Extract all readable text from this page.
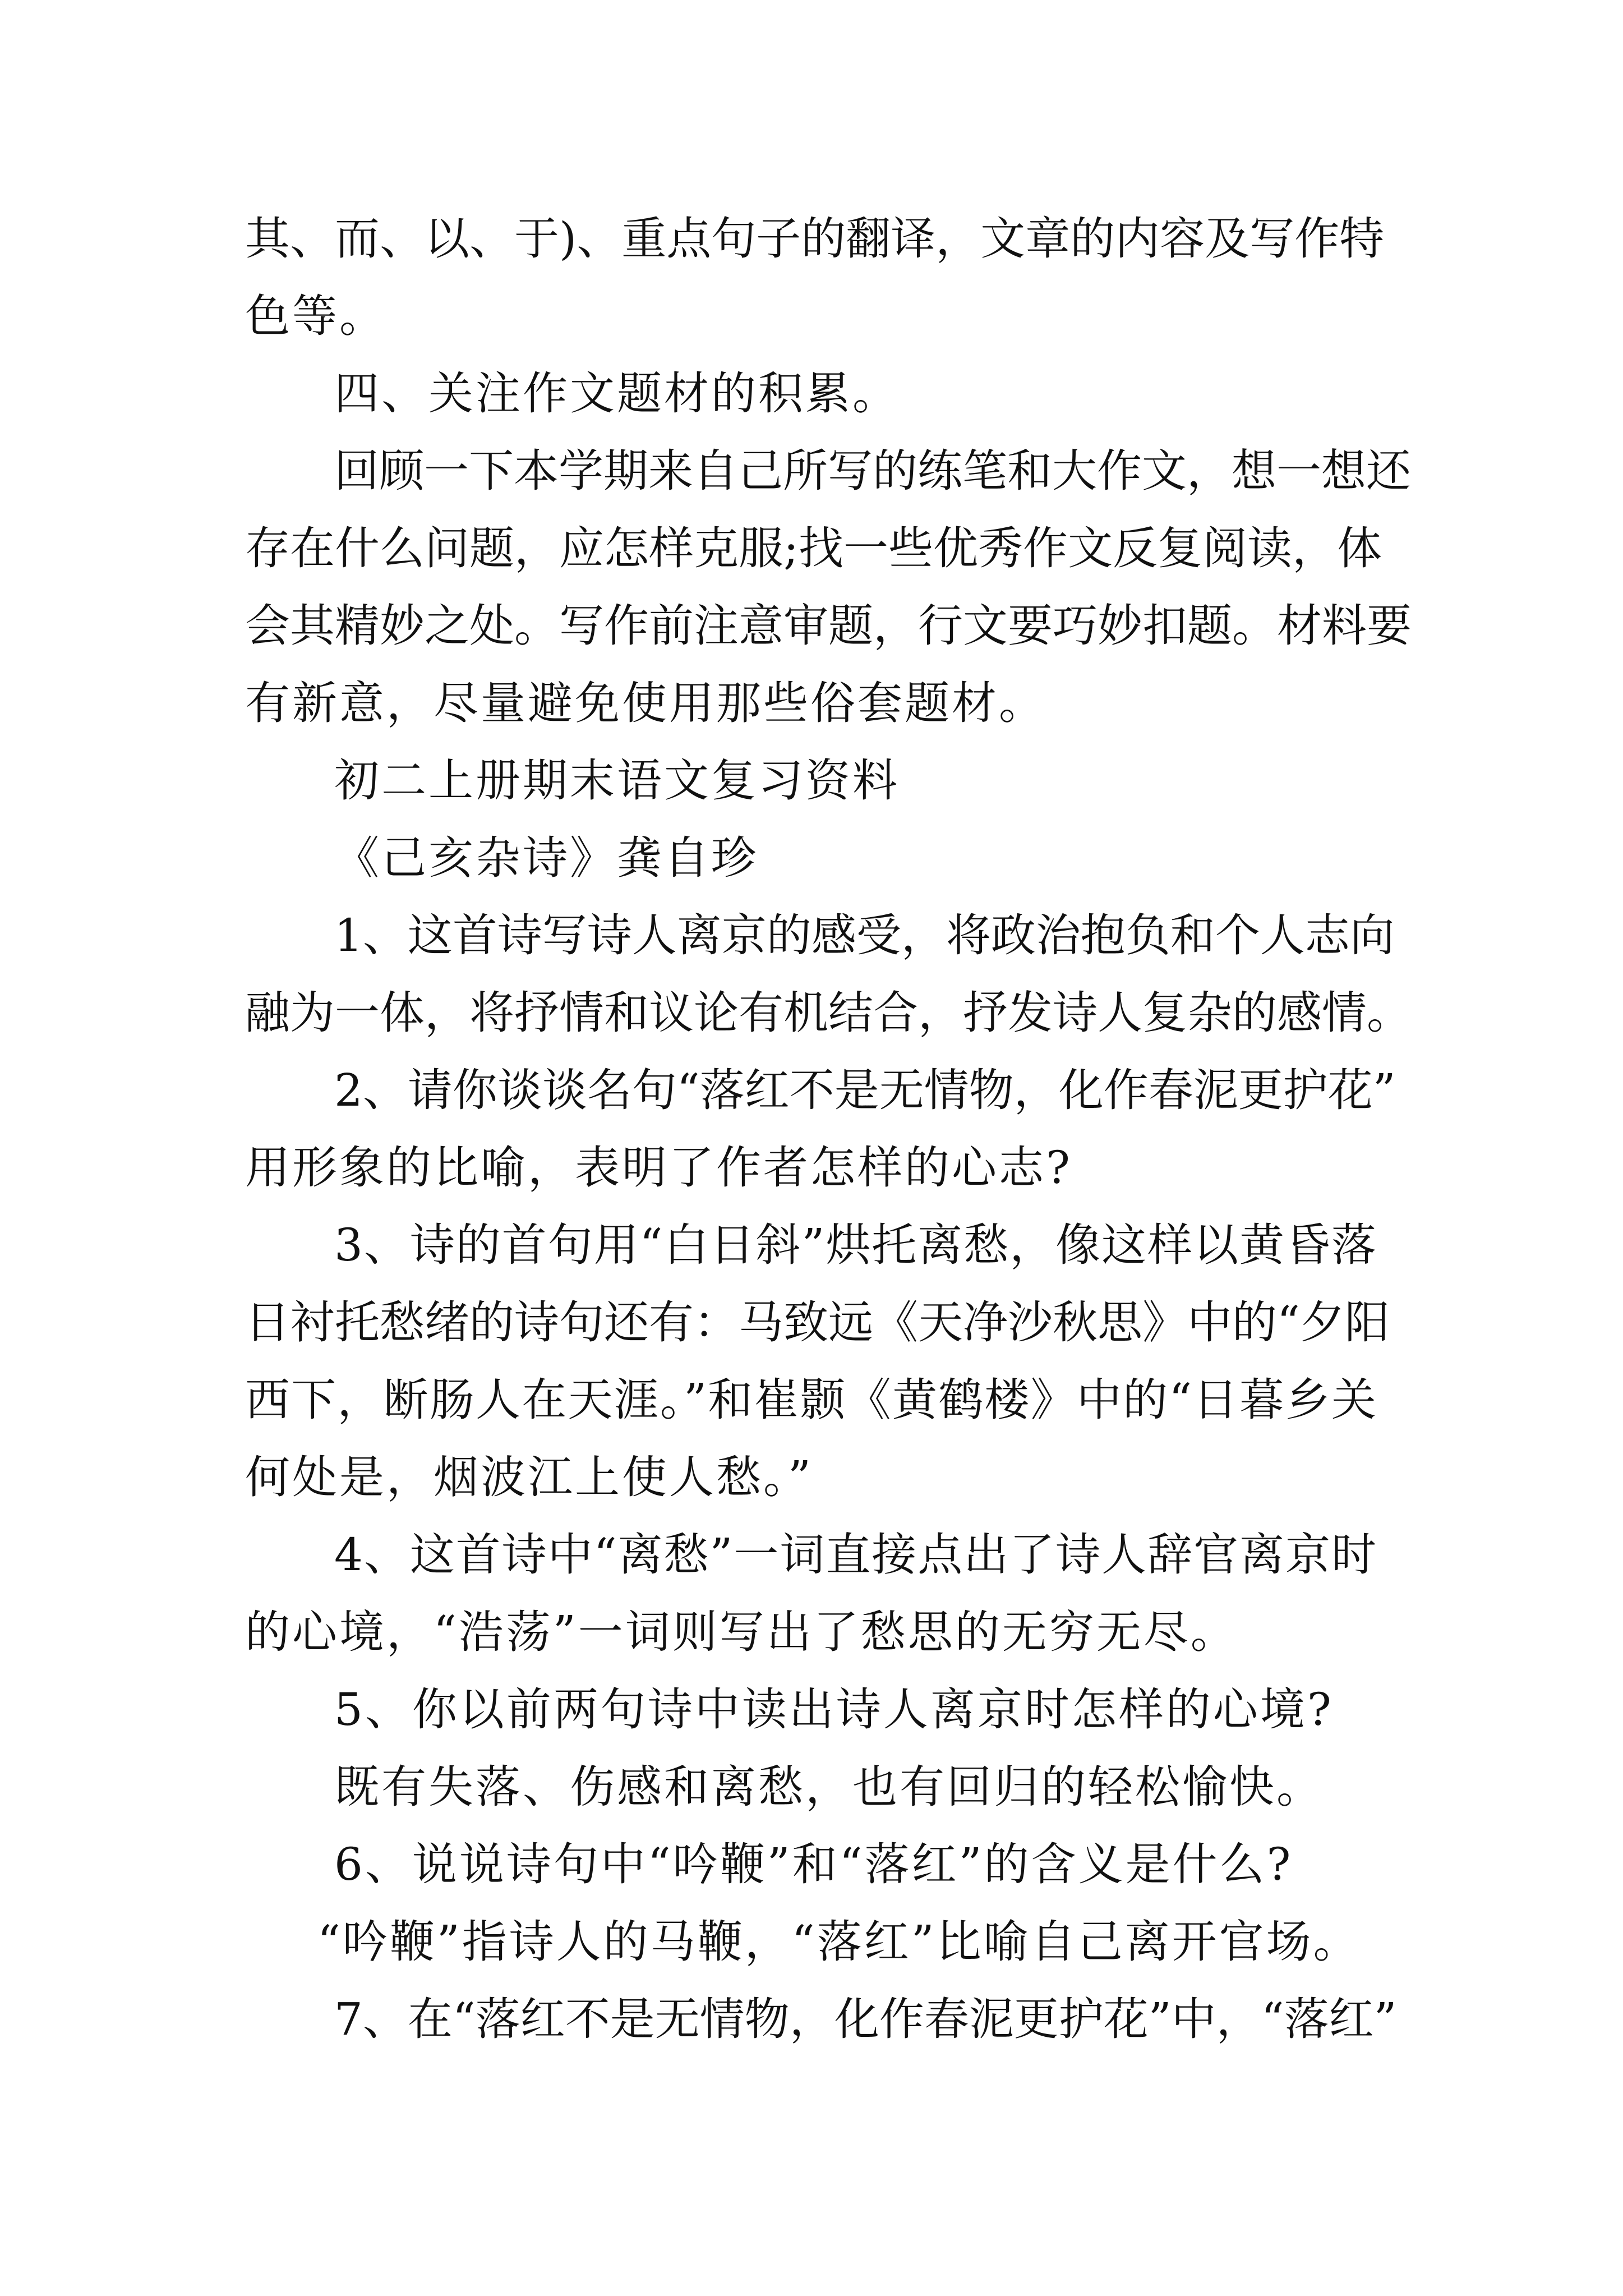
其、而、以、于)、重点句子的翻译，文章的内容及写作特
色等。
四、关注作文题材的积累。
回顾一下本学期来自己所写的练笔和大作文，想一想还
存在什么问题，应怎样克服;找一些优秀作文反复阅读，体
会其精妙之处。写作前注意审题，行文要巧妙扣题。材料要
有新意，尽量避免使用那些俗套题材。
初二上册期末语文复习资料
《己亥杂诗》龚自珍
1、这首诗写诗人离京的感受，将政治抱负和个人志向
融为一体，将抒情和议论有机结合，抒发诗人复杂的感情。
2、请你谈谈名句“落红不是无情物，化作春泥更护花”
用形象的比喻，表明了作者怎样的心志?
3、诗的首句用“白日斜”烘托离愁，像这样以黄昏落
日衬托愁绪的诗句还有：马致远《天净沙秋思》中的“夕阳
西下，断肠人在天涯。”和崔颢《黄鹤楼》中的“日暮乡关
何处是，烟波江上使人愁。”
4、这首诗中“离愁”一词直接点出了诗人辞官离京时
的心境，“浩荡”一词则写出了愁思的无穷无尽。
5、你以前两句诗中读出诗人离京时怎样的心境?
既有失落、伤感和离愁，也有回归的轻松愉快。
6、说说诗句中“吟鞭”和“落红”的含义是什么?
“吟鞭”指诗人的马鞭，“落红”比喻自己离开官场。
7、在“落红不是无情物，化作春泥更护花”中，“落红”
